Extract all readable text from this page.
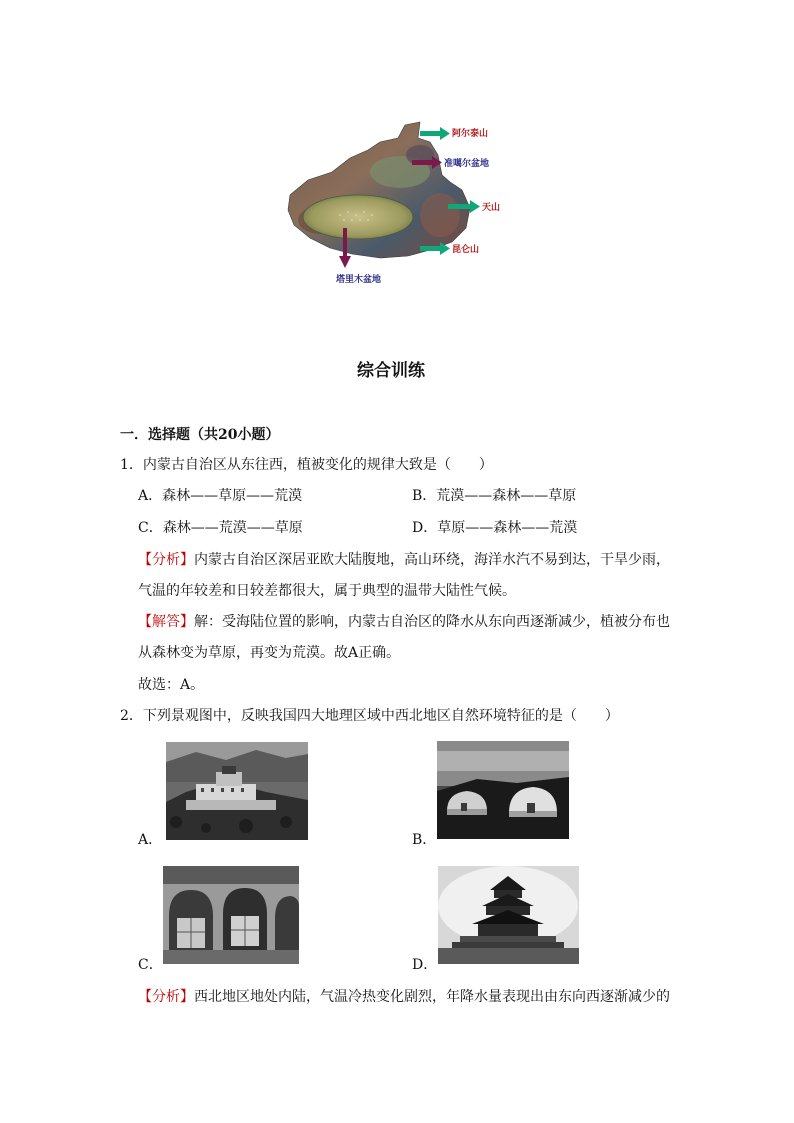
阿尔泰山
准噶尔盆地
天山
昆仑山
塔里木盆地
综合训练
一．选择题（共20小题）
1．内蒙古自治区从东往西，植被变化的规律大致是（　　）
A．森林——草原——荒漠	B．荒漠——森林——草原
C．森林——荒漠——草原	D．草原——森林——荒漠
【分析】内蒙古自治区深居亚欧大陆腹地，高山环绕，海洋水汽不易到达，干旱少雨，
气温的年较差和日较差都很大，属于典型的温带大陆性气候。
【解答】解：受海陆位置的影响，内蒙古自治区的降水从东向西逐渐减少，植被分布也
从森林变为草原，再变为荒漠。故A正确。
故选：A。
2．下列景观图中，反映我国四大地理区域中西北地区自然环境特征的是（　　）
A．	B．
C．	D．
【分析】西北地区地处内陆，气温冷热变化剧烈，年降水量表现出由东向西逐渐减少的
